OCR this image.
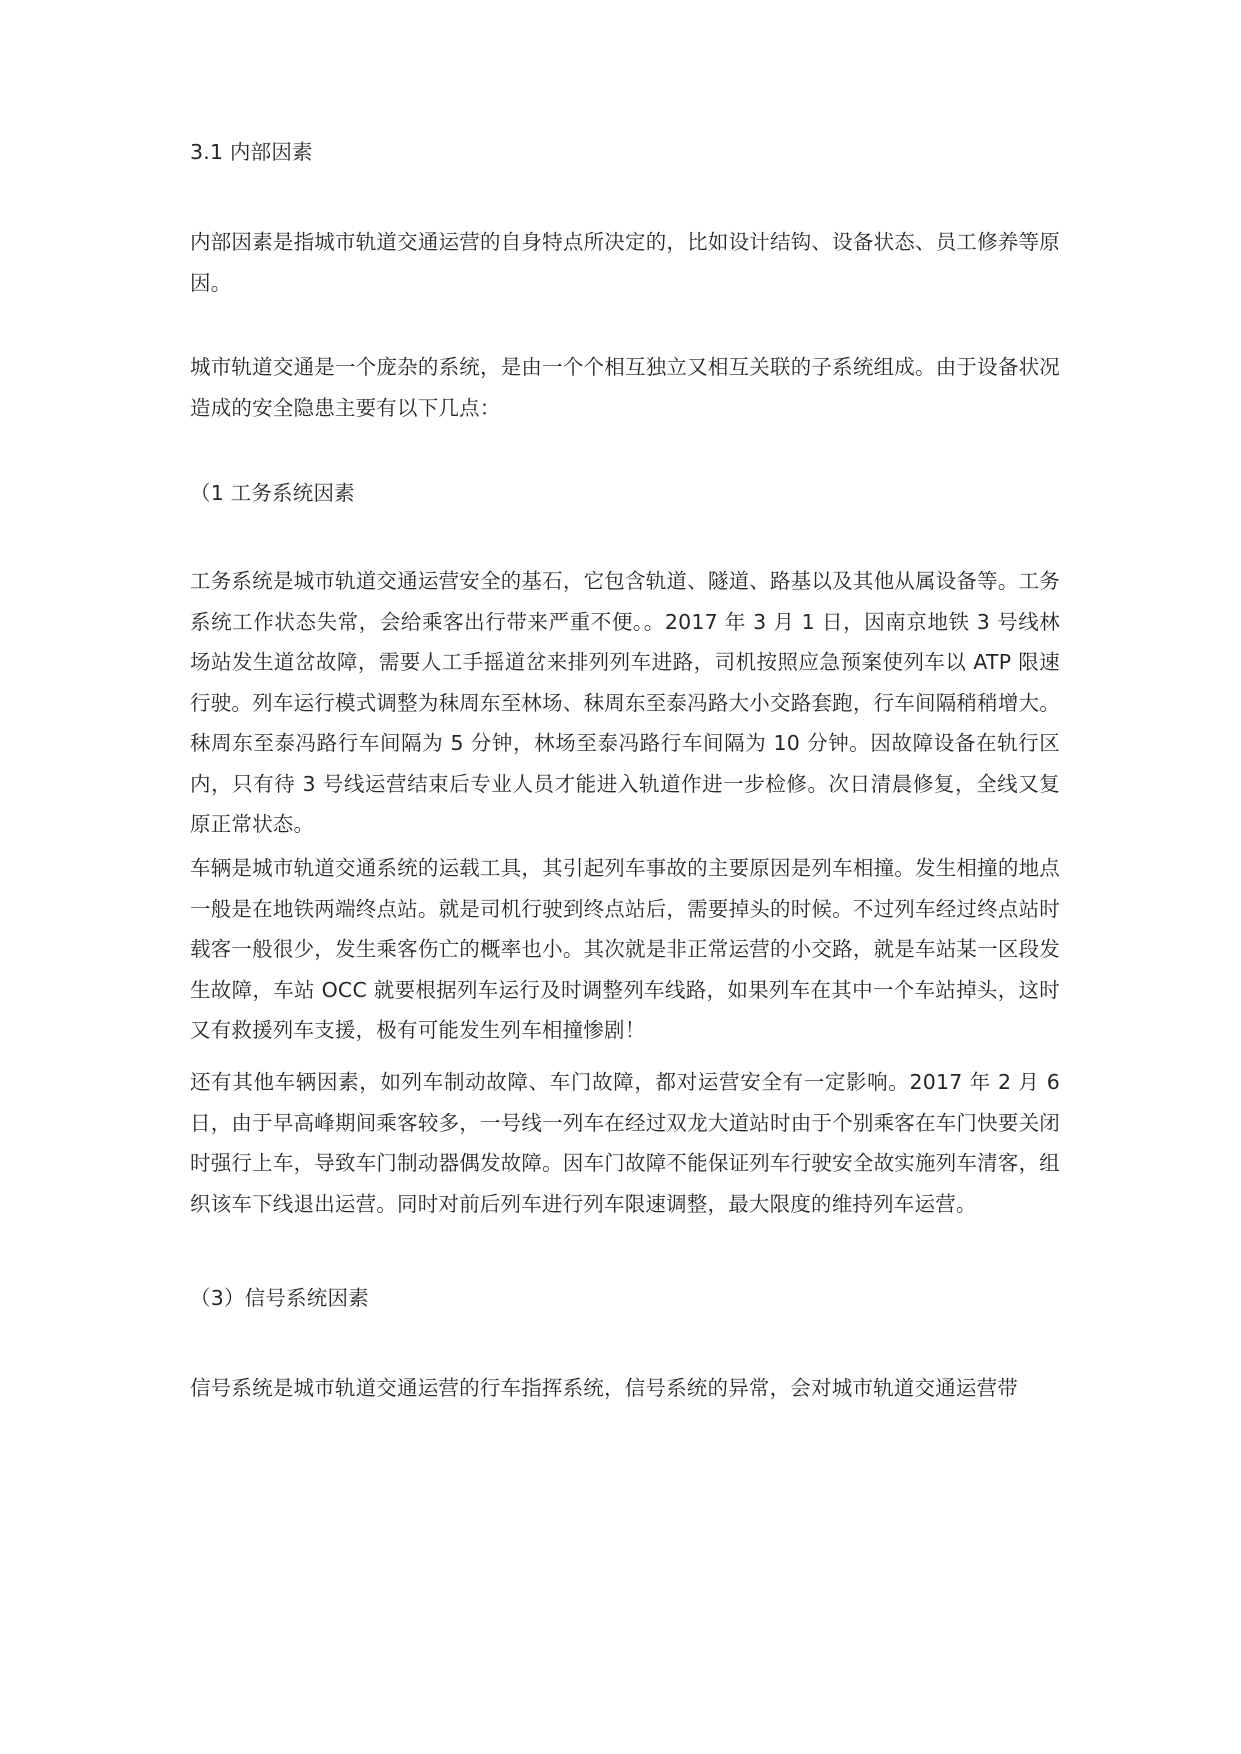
3.1 内部因素

内部因素是指城市轨道交通运营的自身特点所决定的，比如设计结钩、设备状态、员工修养等原因。

城市轨道交通是一个庞杂的系统，是由一个个相互独立又相互关联的子系统组成。由于设备状况造成的安全隐患主要有以下几点：

（1 工务系统因素

工务系统是城市轨道交通运营安全的基石，它包含轨道、隧道、路基以及其他从属设备等。工务系统工作状态失常，会给乘客出行带来严重不便。。2017 年 3 月 1 日，因南京地铁 3 号线林场站发生道岔故障，需要人工手摇道岔来排列列车进路，司机按照应急预案使列车以 ATP 限速行驶。列车运行模式调整为秣周东至林场、秣周东至泰冯路大小交路套跑，行车间隔稍稍增大。秣周东至泰冯路行车间隔为 5 分钟，林场至泰冯路行车间隔为 10 分钟。因故障设备在轨行区内，只有待 3 号线运营结束后专业人员才能进入轨道作进一步检修。次日清晨修复，全线又复原正常状态。

车辆是城市轨道交通系统的运载工具，其引起列车事故的主要原因是列车相撞。发生相撞的地点一般是在地铁两端终点站。就是司机行驶到终点站后，需要掉头的时候。不过列车经过终点站时载客一般很少，发生乘客伤亡的概率也小。其次就是非正常运营的小交路，就是车站某一区段发生故障，车站 OCC 就要根据列车运行及时调整列车线路，如果列车在其中一个车站掉头，这时又有救援列车支援，极有可能发生列车相撞惨剧！

还有其他车辆因素，如列车制动故障、车门故障，都对运营安全有一定影响。2017 年 2 月 6 日，由于早高峰期间乘客较多，一号线一列车在经过双龙大道站时由于个别乘客在车门快要关闭时强行上车，导致车门制动器偶发故障。因车门故障不能保证列车行驶安全故实施列车清客，组织该车下线退出运营。同时对前后列车进行列车限速调整，最大限度的维持列车运营。

（3）信号系统因素

信号系统是城市轨道交通运营的行车指挥系统，信号系统的异常，会对城市轨道交通运营带
